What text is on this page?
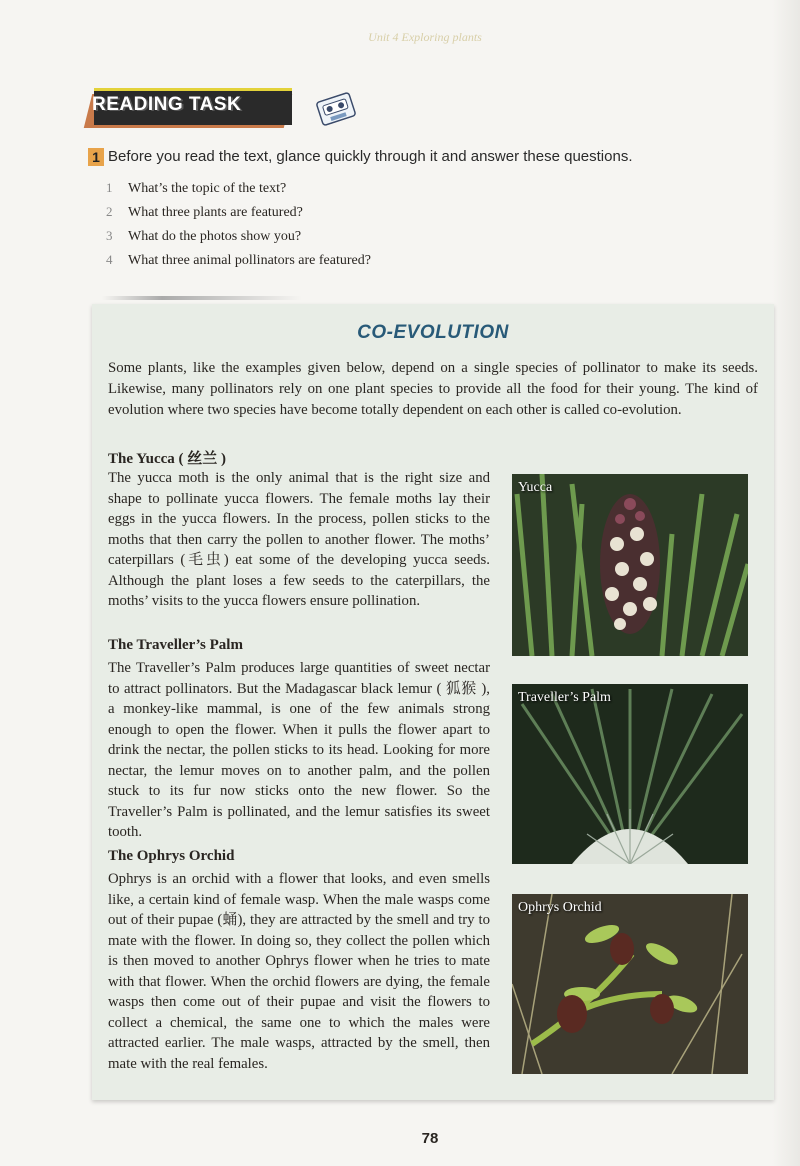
Unit 4 Exploring plants
READING TASK
1 Before you read the text, glance quickly through it and answer these questions.
1 What’s the topic of the text?
2 What three plants are featured?
3 What do the photos show you?
4 What three animal pollinators are featured?
CO-EVOLUTION

Some plants, like the examples given below, depend on a single species of pollinator to make its seeds. Likewise, many pollinators rely on one plant species to provide all the food for their young. The kind of evolution where two species have become totally dependent on each other is called co-evolution.

The Yucca ( 丝兰 )

The yucca moth is the only animal that is the right size and shape to pollinate yucca flowers. The female moths lay their eggs in the yucca flowers. In the process, pollen sticks to the moths that then carry the pollen to another flower. The moths’ caterpillars (毛虫) eat some of the developing yucca seeds. Although the plant loses a few seeds to the caterpillars, the moths’ visits to the yucca flowers ensure pollination.

The Traveller’s Palm

The Traveller’s Palm produces large quantities of sweet nectar to attract pollinators. But the Madagascar black lemur ( 狐猴 ), a monkey-like mammal, is one of the few animals strong enough to open the flower. When it pulls the flower apart to drink the nectar, the pollen sticks to its head. Looking for more nectar, the lemur moves on to another palm, and the pollen stuck to its fur now sticks onto the new flower. So the Traveller’s Palm is pollinated, and the lemur satisfies its sweet tooth.

The Ophrys Orchid

Ophrys is an orchid with a flower that looks, and even smells like, a certain kind of female wasp. When the male wasps come out of their pupae (蛹), they are attracted by the smell and try to mate with the flower. In doing so, they collect the pollen which is then moved to another Ophrys flower when he tries to mate with that flower. When the orchid flowers are dying, the female wasps then come out of their pupae and visit the flowers to collect a chemical, the same one to which the males were attracted earlier. The male wasps, attracted by the smell, then mate with the real females.

Yucca
Traveller’s Palm
Ophrys Orchid
78
